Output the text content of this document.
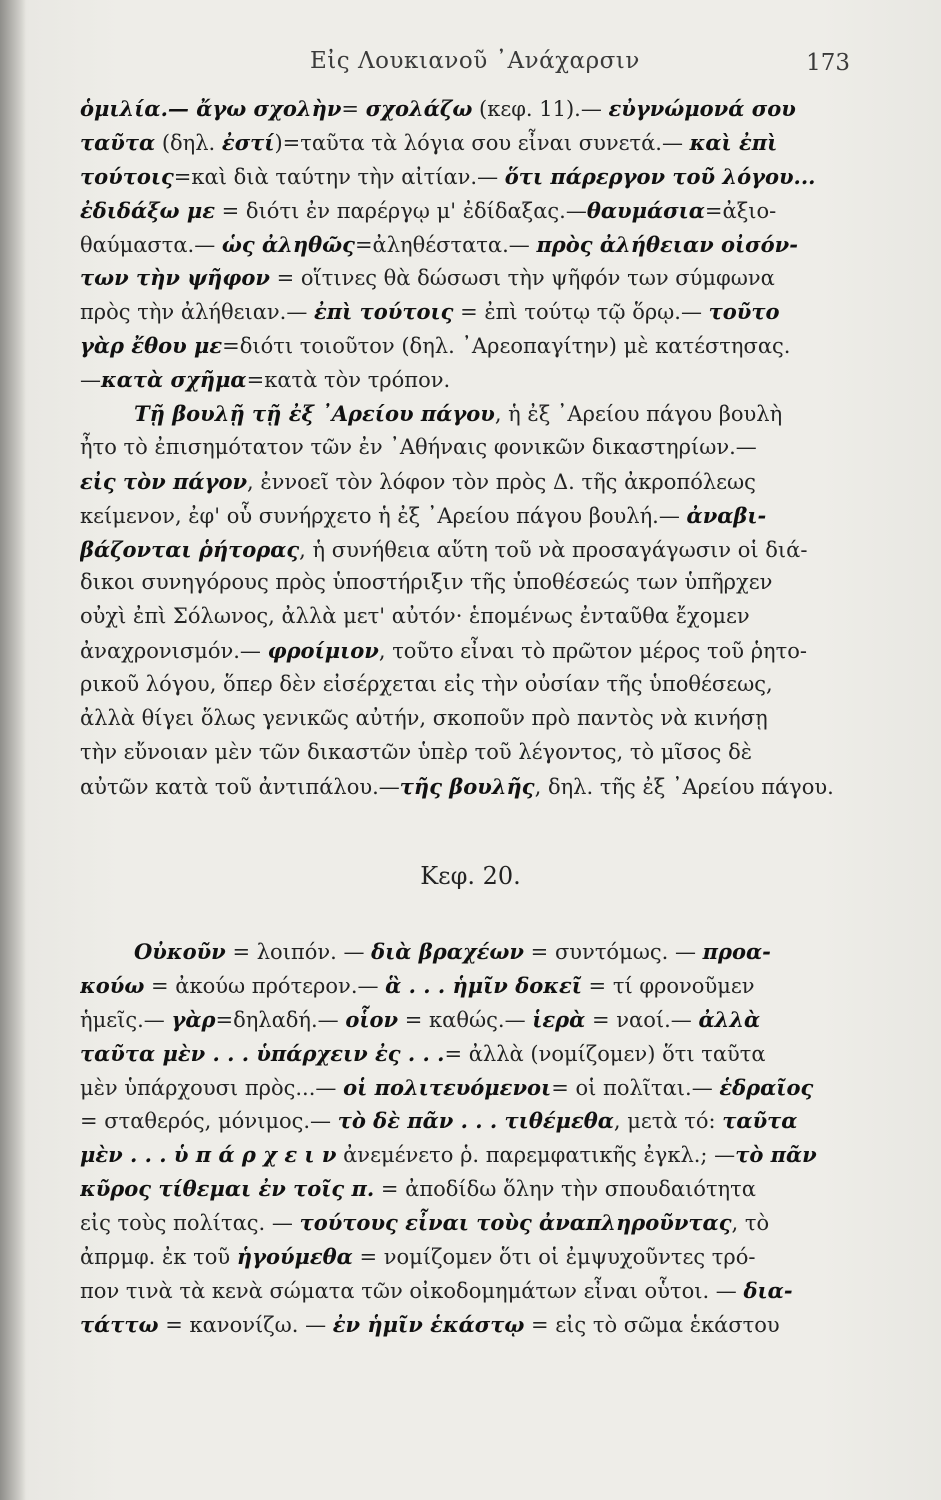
Εἰς Λουκιανοῦ ᾿Ανάχαρσιν	173
ὁμιλία.— ἄγω σχολὴν= σχολάζω (κεφ. 11).— εὐγνώμονά σου
ταῦτα (δηλ. ἐστί)=ταῦτα τὰ λόγια σου εἶναι συνετά.— καὶ ἐπὶ
τούτοις=καὶ διὰ ταύτην τὴν αἰτίαν.— ὅτι πάρεργον τοῦ λόγου...
ἐδιδάξω με = διότι ἐν παρέργῳ μ' ἐδίδαξας.—θαυμάσια=ἀξιο-
θαύμαστα.— ὡς ἀληθῶς=ἀληθέστατα.— πρὸς ἀλήθειαν οἰσόν-
των τὴν ψῆφον = οἵτινες θὰ δώσωσι τὴν ψῆφόν των σύμφωνα
πρὸς τὴν ἀλήθειαν.— ἐπὶ τούτοις = ἐπὶ τούτῳ τῷ ὅρῳ.— τοῦτο
γὰρ ἔθου με=διότι τοιοῦτον (δηλ. ᾿Αρεοπαγίτην) μὲ κατέστησας.
—κατὰ σχῆμα=κατὰ τὸν τρόπον.
Τῇ βουλῇ τῇ ἐξ ᾿Αρείου πάγου, ἡ ἐξ ᾿Αρείου πάγου βουλὴ
ἦτο τὸ ἐπισημότατον τῶν ἐν ᾿Αθήναις φονικῶν δικαστηρίων.—
εἰς τὸν πάγον, ἐννοεῖ τὸν λόφον τὸν πρὸς Δ. τῆς ἀκροπόλεως
κείμενον, ἐφ' οὗ συνήρχετο ἡ ἐξ ᾿Αρείου πάγου βουλή.— ἀναβι-
βάζονται ῥήτορας, ἡ συνήθεια αὕτη τοῦ νὰ προσαγάγωσιν οἱ διά-
δικοι συνηγόρους πρὸς ὑποστήριξιν τῆς ὑποθέσεώς των ὑπῆρχεν
οὐχὶ ἐπὶ Σόλωνος, ἀλλὰ μετ' αὐτόν· ἑπομένως ἐνταῦθα ἔχομεν
ἀναχρονισμόν.— φροίμιον, τοῦτο εἶναι τὸ πρῶτον μέρος τοῦ ῥητο-
ρικοῦ λόγου, ὅπερ δὲν εἰσέρχεται εἰς τὴν οὐσίαν τῆς ὑποθέσεως,
ἀλλὰ θίγει ὅλως γενικῶς αὐτήν, σκοποῦν πρὸ παντὸς νὰ κινήσῃ
τὴν εὔνοιαν μὲν τῶν δικαστῶν ὑπὲρ τοῦ λέγοντος, τὸ μῖσος δὲ
αὐτῶν κατὰ τοῦ ἀντιπάλου.—τῆς βουλῆς, δηλ. τῆς ἐξ ᾿Αρείου πάγου.
Κεφ. 20.
Οὐκοῦν = λοιπόν. — διὰ βραχέων = συντόμως. — προα-
κούω = ἀκούω πρότερον.— ἃ . . . ἡμῖν δοκεῖ = τί φρονοῦμεν
ἡμεῖς.— γὰρ=δηλαδή.— οἷον = καθώς.— ἱερὰ = ναοί.— ἀλλὰ
ταῦτα μὲν . . . ὑπάρχειν ἐς . . .= ἀλλὰ (νομίζομεν) ὅτι ταῦτα
μὲν ὑπάρχουσι πρὸς...— οἱ πολιτευόμενοι= οἱ πολῖται.— ἑδραῖος
= σταθερός, μόνιμος.— τὸ δὲ πᾶν . . . τιθέμεθα, μετὰ τό: ταῦτα
μὲν . . . ὑ π ά ρ χ ε ι ν ἀνεμένετο ῥ. παρεμφατικῆς ἐγκλ.; —τὸ πᾶν
κῦρος τίθεμαι ἐν τοῖς π. = ἀποδίδω ὅλην τὴν σπουδαιότητα
εἰς τοὺς πολίτας. — τούτους εἶναι τοὺς ἀναπληροῦντας, τὸ
ἀπρμφ. ἐκ τοῦ ἡγούμεθα = νομίζομεν ὅτι οἱ ἐμψυχοῦντες τρό-
πον τινὰ τὰ κενὰ σώματα τῶν οἰκοδομημάτων εἶναι οὗτοι. — δια-
τάττω = κανονίζω. — ἐν ἡμῖν ἑκάστῳ = εἰς τὸ σῶμα ἑκάστου
